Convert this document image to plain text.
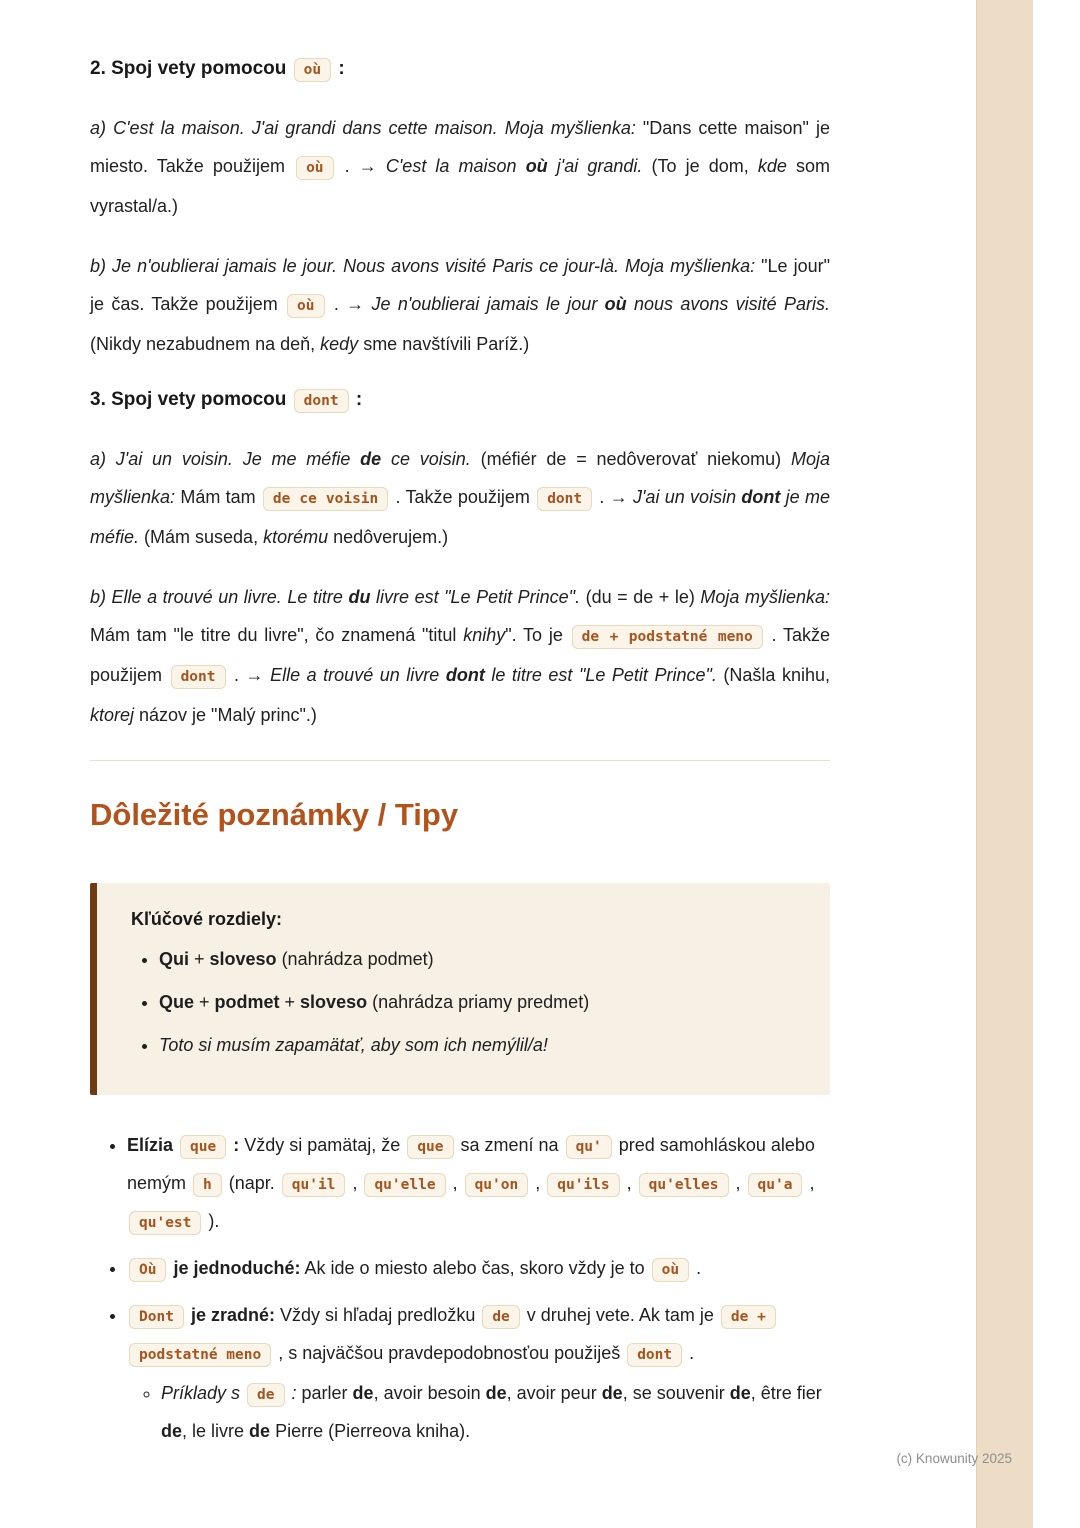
2. Spoj vety pomocou où :

a) C'est la maison. J'ai grandi dans cette maison. Moja myšlienka: "Dans cette maison" je miesto. Takže použijem où . → C'est la maison où j'ai grandi. (To je dom, kde som vyrastal/a.)

b) Je n'oublierai jamais le jour. Nous avons visité Paris ce jour-là. Moja myšlienka: "Le jour" je čas. Takže použijem où . → Je n'oublierai jamais le jour où nous avons visité Paris. (Nikdy nezabudnem na deň, kedy sme navštívili Paríž.)

3. Spoj vety pomocou dont :

a) J'ai un voisin. Je me méfie de ce voisin. (méfiér de = nedôverovať niekomu) Moja myšlienka: Mám tam de ce voisin . Takže použijem dont . → J'ai un voisin dont je me méfie. (Mám suseda, ktorému nedôverujem.)

b) Elle a trouvé un livre. Le titre du livre est "Le Petit Prince". (du = de + le) Moja myšlienka: Mám tam "le titre du livre", čo znamená "titul knihy". To je de + podstatné meno . Takže použijem dont . → Elle a trouvé un livre dont le titre est "Le Petit Prince". (Našla knihu, ktorej názov je "Malý princ".)

Dôležité poznámky / Tipy

Kľúčové rozdiely:

• Qui + sloveso (nahrádza podmet)
• Que + podmet + sloveso (nahrádza priamy predmet)
• Toto si musím zapamätať, aby som ich nemýlil/a!
• Elízia que : Vždy si pamätaj, že que sa zmení na qu' pred samohláskou alebo nemým h (napr. qu'il , qu'elle , qu'on , qu'ils , qu'elles , qu'a , qu'est ).
• Où je jednoduché: Ak ide o miesto alebo čas, skoro vždy je to où .
• Dont je zradné: Vždy si hľadaj predložku de v druhej vete. Ak tam je de + podstatné meno , s najväčšou pravdepodobnosťou použiješ dont .
◦ Príklady s de : parler de, avoir besoin de, avoir peur de, se souvenir de, être fier de, le livre de Pierre (Pierreova kniha).
(c) Knowunity 2025
